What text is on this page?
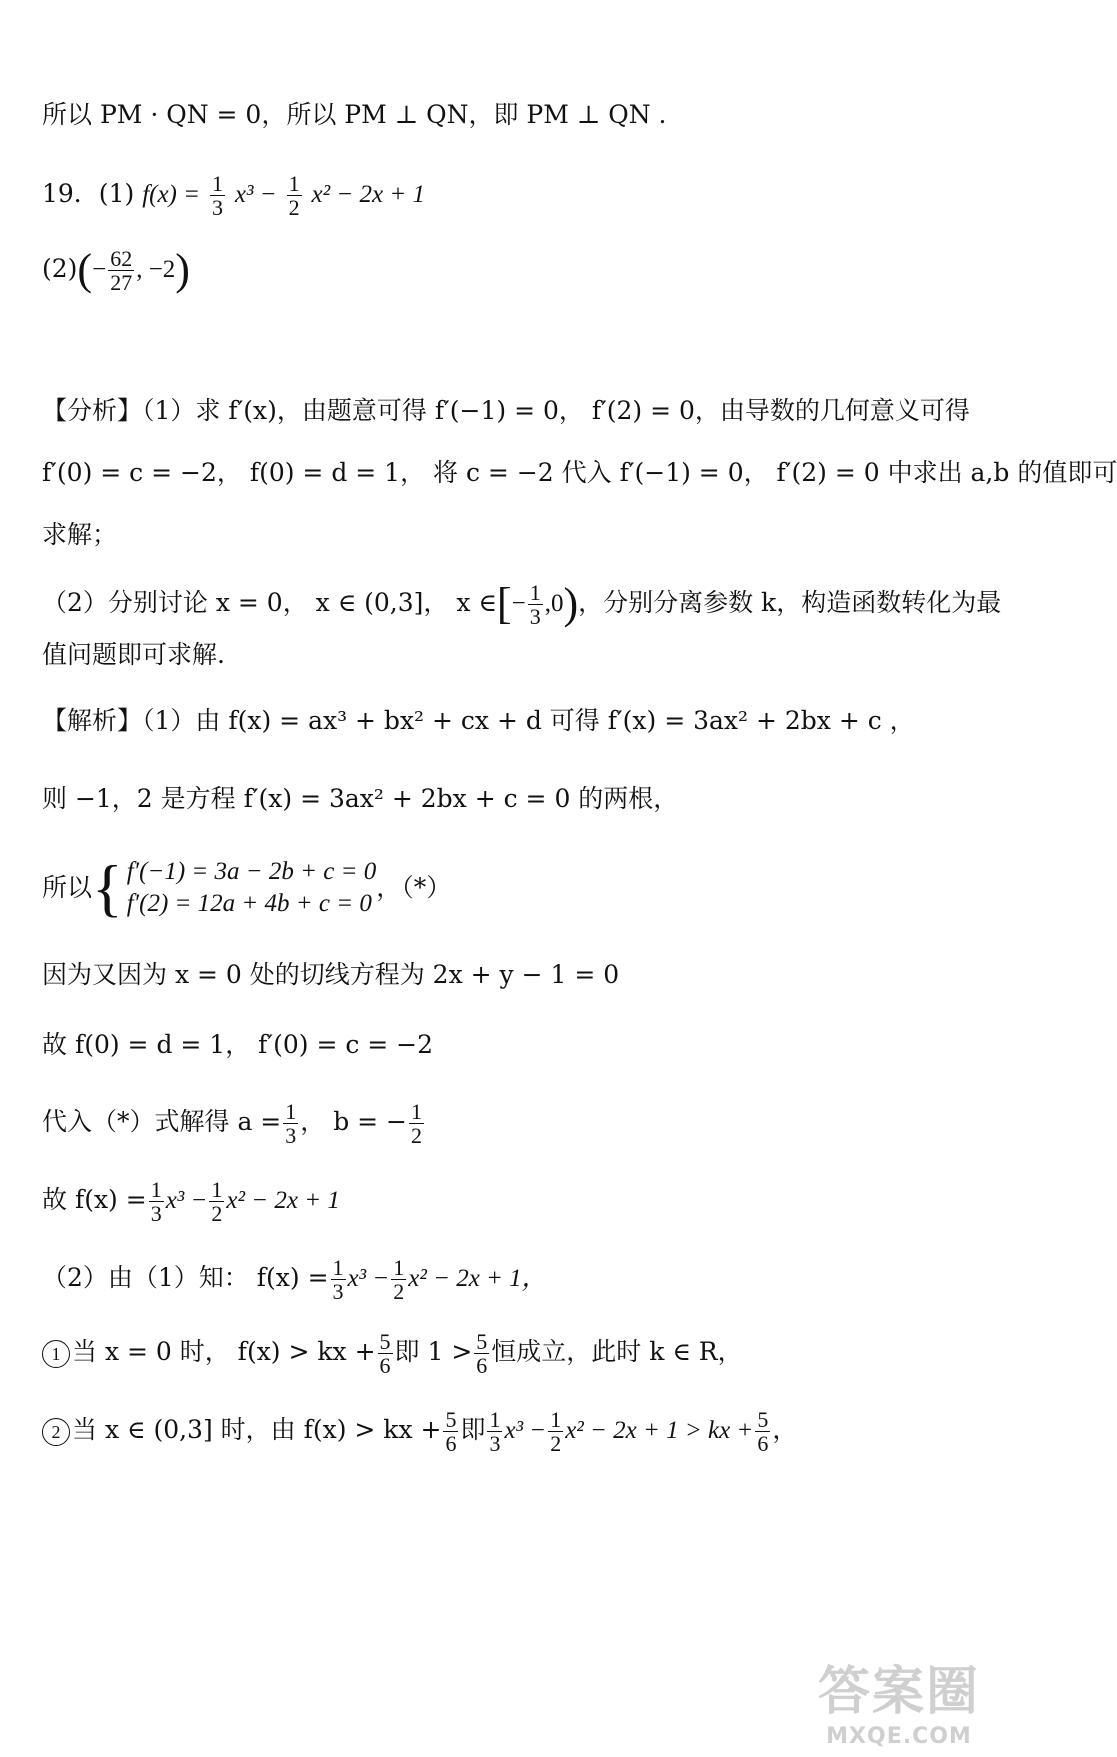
所以 PM · QN = 0，所以 PM ⊥ QN，即 PM ⊥ QN .
19．(1) $f(x) = \frac{1}{3} x^3 - \frac{1}{2} x^2 - 2x + 1$
$(2)(- \frac{62}{27}$ , −2)
【分析】（1）求 f′(x)，由题意可得 f′(−1) = 0， f′(2) = 0，由导数的几何意义可得
f′(0) = c = −2， f(0) = d = 1， 将 c = −2 代入 f′(−1) = 0， f′(2) = 0 中求出 a,b 的值即可
求解；
（2）分别讨论 x = 0， x ∈ (0,3]， x ∈[− $\frac{1}{3} ,0$)，分别分离参数 k，构造函数转化为最
值问题即可求解.
【解析】（1）由 f(x) = ax³ + bx² + cx + d 可得 f′(x) = 3ax² + 2bx + c ，
则 −1，2 是方程 f′(x) = 3ax² + 2bx + c = 0 的两根，
所以 { f′(−1) = 3a − 2b + c = 0
f′(2) = 12a + 4b + c = 0
，（*）
因为又因为 x = 0 处的切线方程为 2x + y − 1 = 0
故 f(0) = d = 1， f′(0) = c = −2
代入（*）式解得 $a = \frac{1}{3}$ ， b = − $\frac{1}{2}$
故 $f(x) = \frac{1}{3} x^3 - \frac{1}{2} x^2 - 2x + 1$
（2）由（1）知： $f(x) = \frac{1}{3} x^3 - \frac{1}{2} x^2 - 2x + 1$，
1 当 x = 0 时， f(x) > kx + $\frac{5}{6}$ 即 $1 > \frac{5}{6}$ 恒成立，此时 k ∈ R，
2 当 x ∈ (0,3] 时，由 f(x) > kx + $\frac{5}{6}$ 即 $\frac{1}{3} x^3 - \frac{1}{2} x^2 - 2x + 1$ > kx + $\frac{5}{6}$ ，
答案圈
MXQE.COM
